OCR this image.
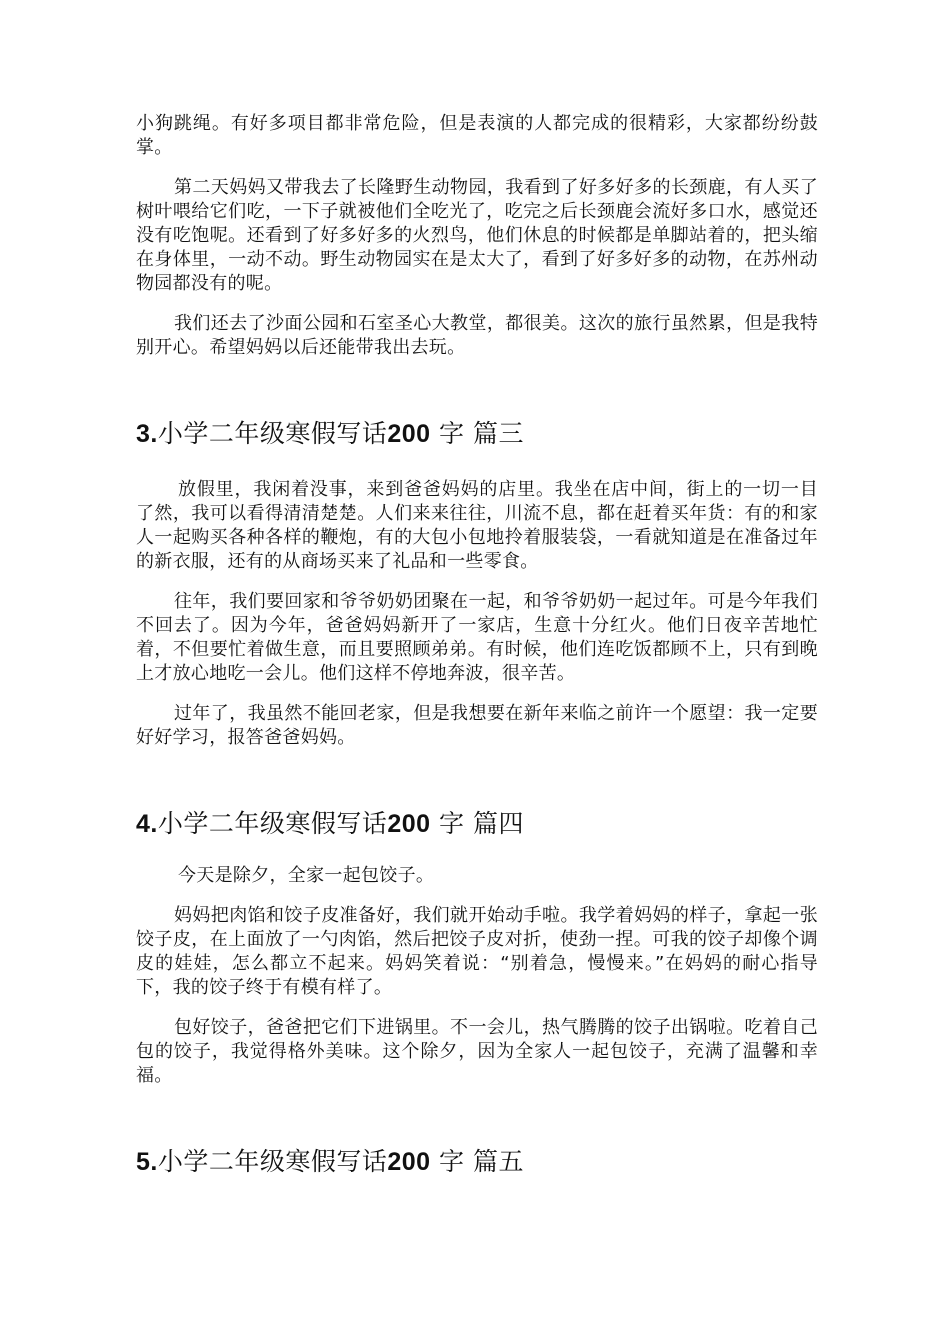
小狗跳绳。有好多项目都非常危险，但是表演的人都完成的很精彩，大家都纷纷鼓掌。

第二天妈妈又带我去了长隆野生动物园，我看到了好多好多的长颈鹿，有人买了树叶喂给它们吃，一下子就被他们全吃光了，吃完之后长颈鹿会流好多口水，感觉还没有吃饱呢。还看到了好多好多的火烈鸟，他们休息的时候都是单脚站着的，把头缩在身体里，一动不动。野生动物园实在是太大了，看到了好多好多的动物，在苏州动物园都没有的呢。

我们还去了沙面公园和石室圣心大教堂，都很美。这次的旅行虽然累，但是我特别开心。希望妈妈以后还能带我出去玩。

3.小学二年级寒假写话200 字 篇三

放假里，我闲着没事，来到爸爸妈妈的店里。我坐在店中间，街上的一切一目了然，我可以看得清清楚楚。人们来来往往，川流不息，都在赶着买年货：有的和家人一起购买各种各样的鞭炮，有的大包小包地拎着服装袋，一看就知道是在准备过年的新衣服，还有的从商场买来了礼品和一些零食。

往年，我们要回家和爷爷奶奶团聚在一起，和爷爷奶奶一起过年。可是今年我们不回去了。因为今年，爸爸妈妈新开了一家店，生意十分红火。他们日夜辛苦地忙着，不但要忙着做生意，而且要照顾弟弟。有时候，他们连吃饭都顾不上，只有到晚上才放心地吃一会儿。他们这样不停地奔波，很辛苦。

过年了，我虽然不能回老家，但是我想要在新年来临之前许一个愿望：我一定要好好学习，报答爸爸妈妈。

4.小学二年级寒假写话200 字 篇四

今天是除夕，全家一起包饺子。

妈妈把肉馅和饺子皮准备好，我们就开始动手啦。我学着妈妈的样子，拿起一张饺子皮，在上面放了一勺肉馅，然后把饺子皮对折，使劲一捏。可我的饺子却像个调皮的娃娃，怎么都立不起来。妈妈笑着说：“别着急，慢慢来。”在妈妈的耐心指导下，我的饺子终于有模有样了。

包好饺子，爸爸把它们下进锅里。不一会儿，热气腾腾的饺子出锅啦。吃着自己包的饺子，我觉得格外美味。这个除夕，因为全家人一起包饺子，充满了温馨和幸福。

5.小学二年级寒假写话200 字 篇五
